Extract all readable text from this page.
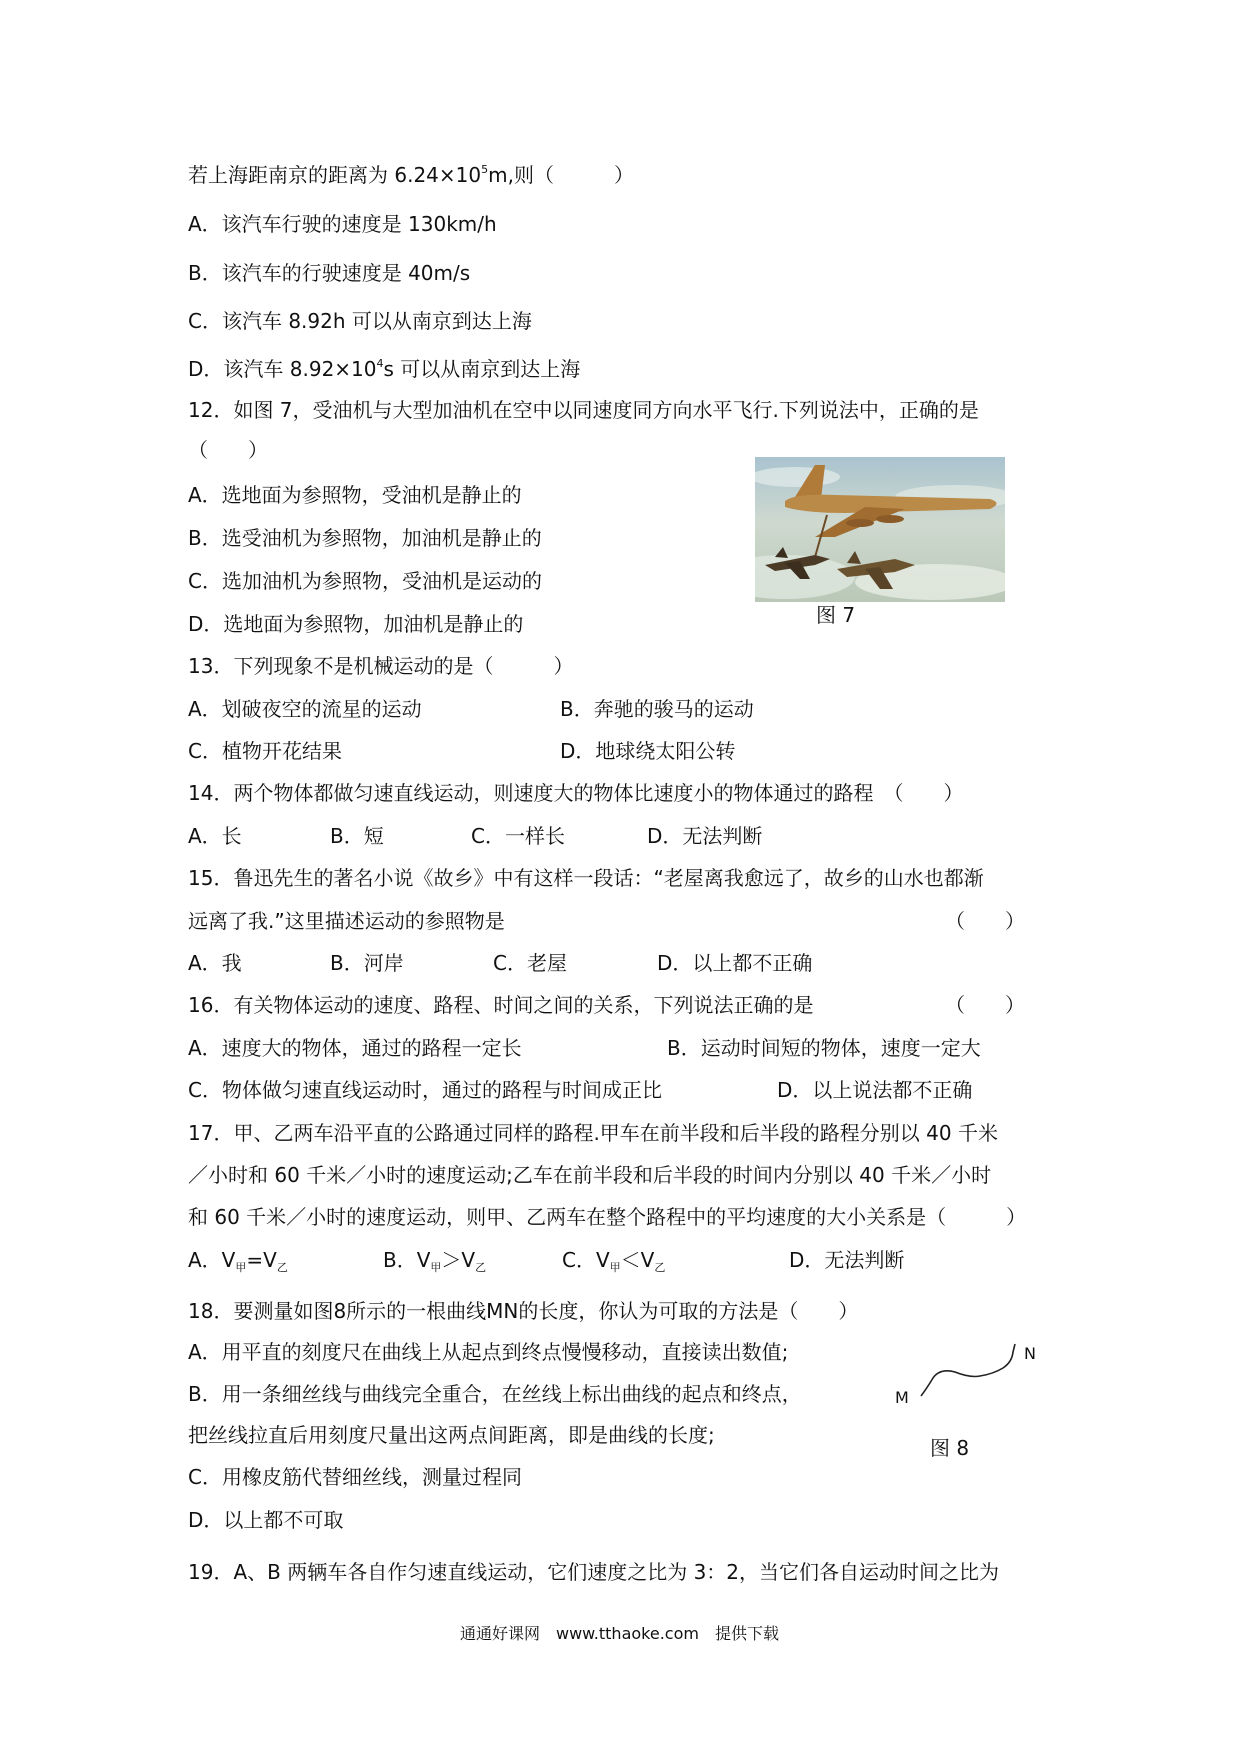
若上海距南京的距离为 $6.24\times 10^5m$,则（　　　）
A．该汽车行驶的速度是 130km/h
B．该汽车的行驶速度是 40m/s
C．该汽车 8.92h 可以从南京到达上海
D．该汽车 $8.92\times 10^4s$ 可以从南京到达上海
12．如图 7，受油机与大型加油机在空中以同速度同方向水平飞行.下列说法中，正确的是
（　　）
A．选地面为参照物，受油机是静止的
B．选受油机为参照物，加油机是静止的
C．选加油机为参照物，受油机是运动的
D．选地面为参照物，加油机是静止的	图 7
13．下列现象不是机械运动的是（　　　）
A．划破夜空的流星的运动	B．奔驰的骏马的运动
C．植物开花结果	D．地球绕太阳公转
14．两个物体都做匀速直线运动，则速度大的物体比速度小的物体通过的路程　（　　）
A．长	B．短	C．一样长	D．无法判断
15．鲁迅先生的著名小说《故乡》中有这样一段话：“老屋离我愈远了，故乡的山水也都渐
远离了我.”这里描述运动的参照物是	（　　）
A．我	B．河岸	C．老屋	D．以上都不正确
16．有关物体运动的速度、路程、时间之间的关系，下列说法正确的是	（　　）
A．速度大的物体，通过的路程一定长	B．运动时间短的物体，速度一定大
C．物体做匀速直线运动时，通过的路程与时间成正比	D．以上说法都不正确
17．甲、乙两车沿平直的公路通过同样的路程.甲车在前半段和后半段的路程分别以 40 千米
／小时和 60 千米／小时的速度运动;乙车在前半段和后半段的时间内分别以 40 千米／小时
和 60 千米／小时的速度运动，则甲、乙两车在整个路程中的平均速度的大小关系是（　　　）
A．$V_甲=V_乙$	B．$V_甲>V_乙$	C．$V_甲<V_乙$	D．无法判断
18．要测量如图8所示的一根曲线MN的长度，你认为可取的方法是（　　）
A．用平直的刻度尺在曲线上从起点到终点慢慢移动，直接读出数值;
B．用一条细丝线与曲线完全重合，在丝线上标出曲线的起点和终点，
把丝线拉直后用刻度尺量出这两点间距离，即是曲线的长度;
C．用橡皮筋代替细丝线，测量过程同
D．以上都不可取
M
N
图 8
19．A、B 两辆车各自作匀速直线运动，它们速度之比为 3：2，当它们各自运动时间之比为
通通好课网　www.tthaoke.com　提供下载
